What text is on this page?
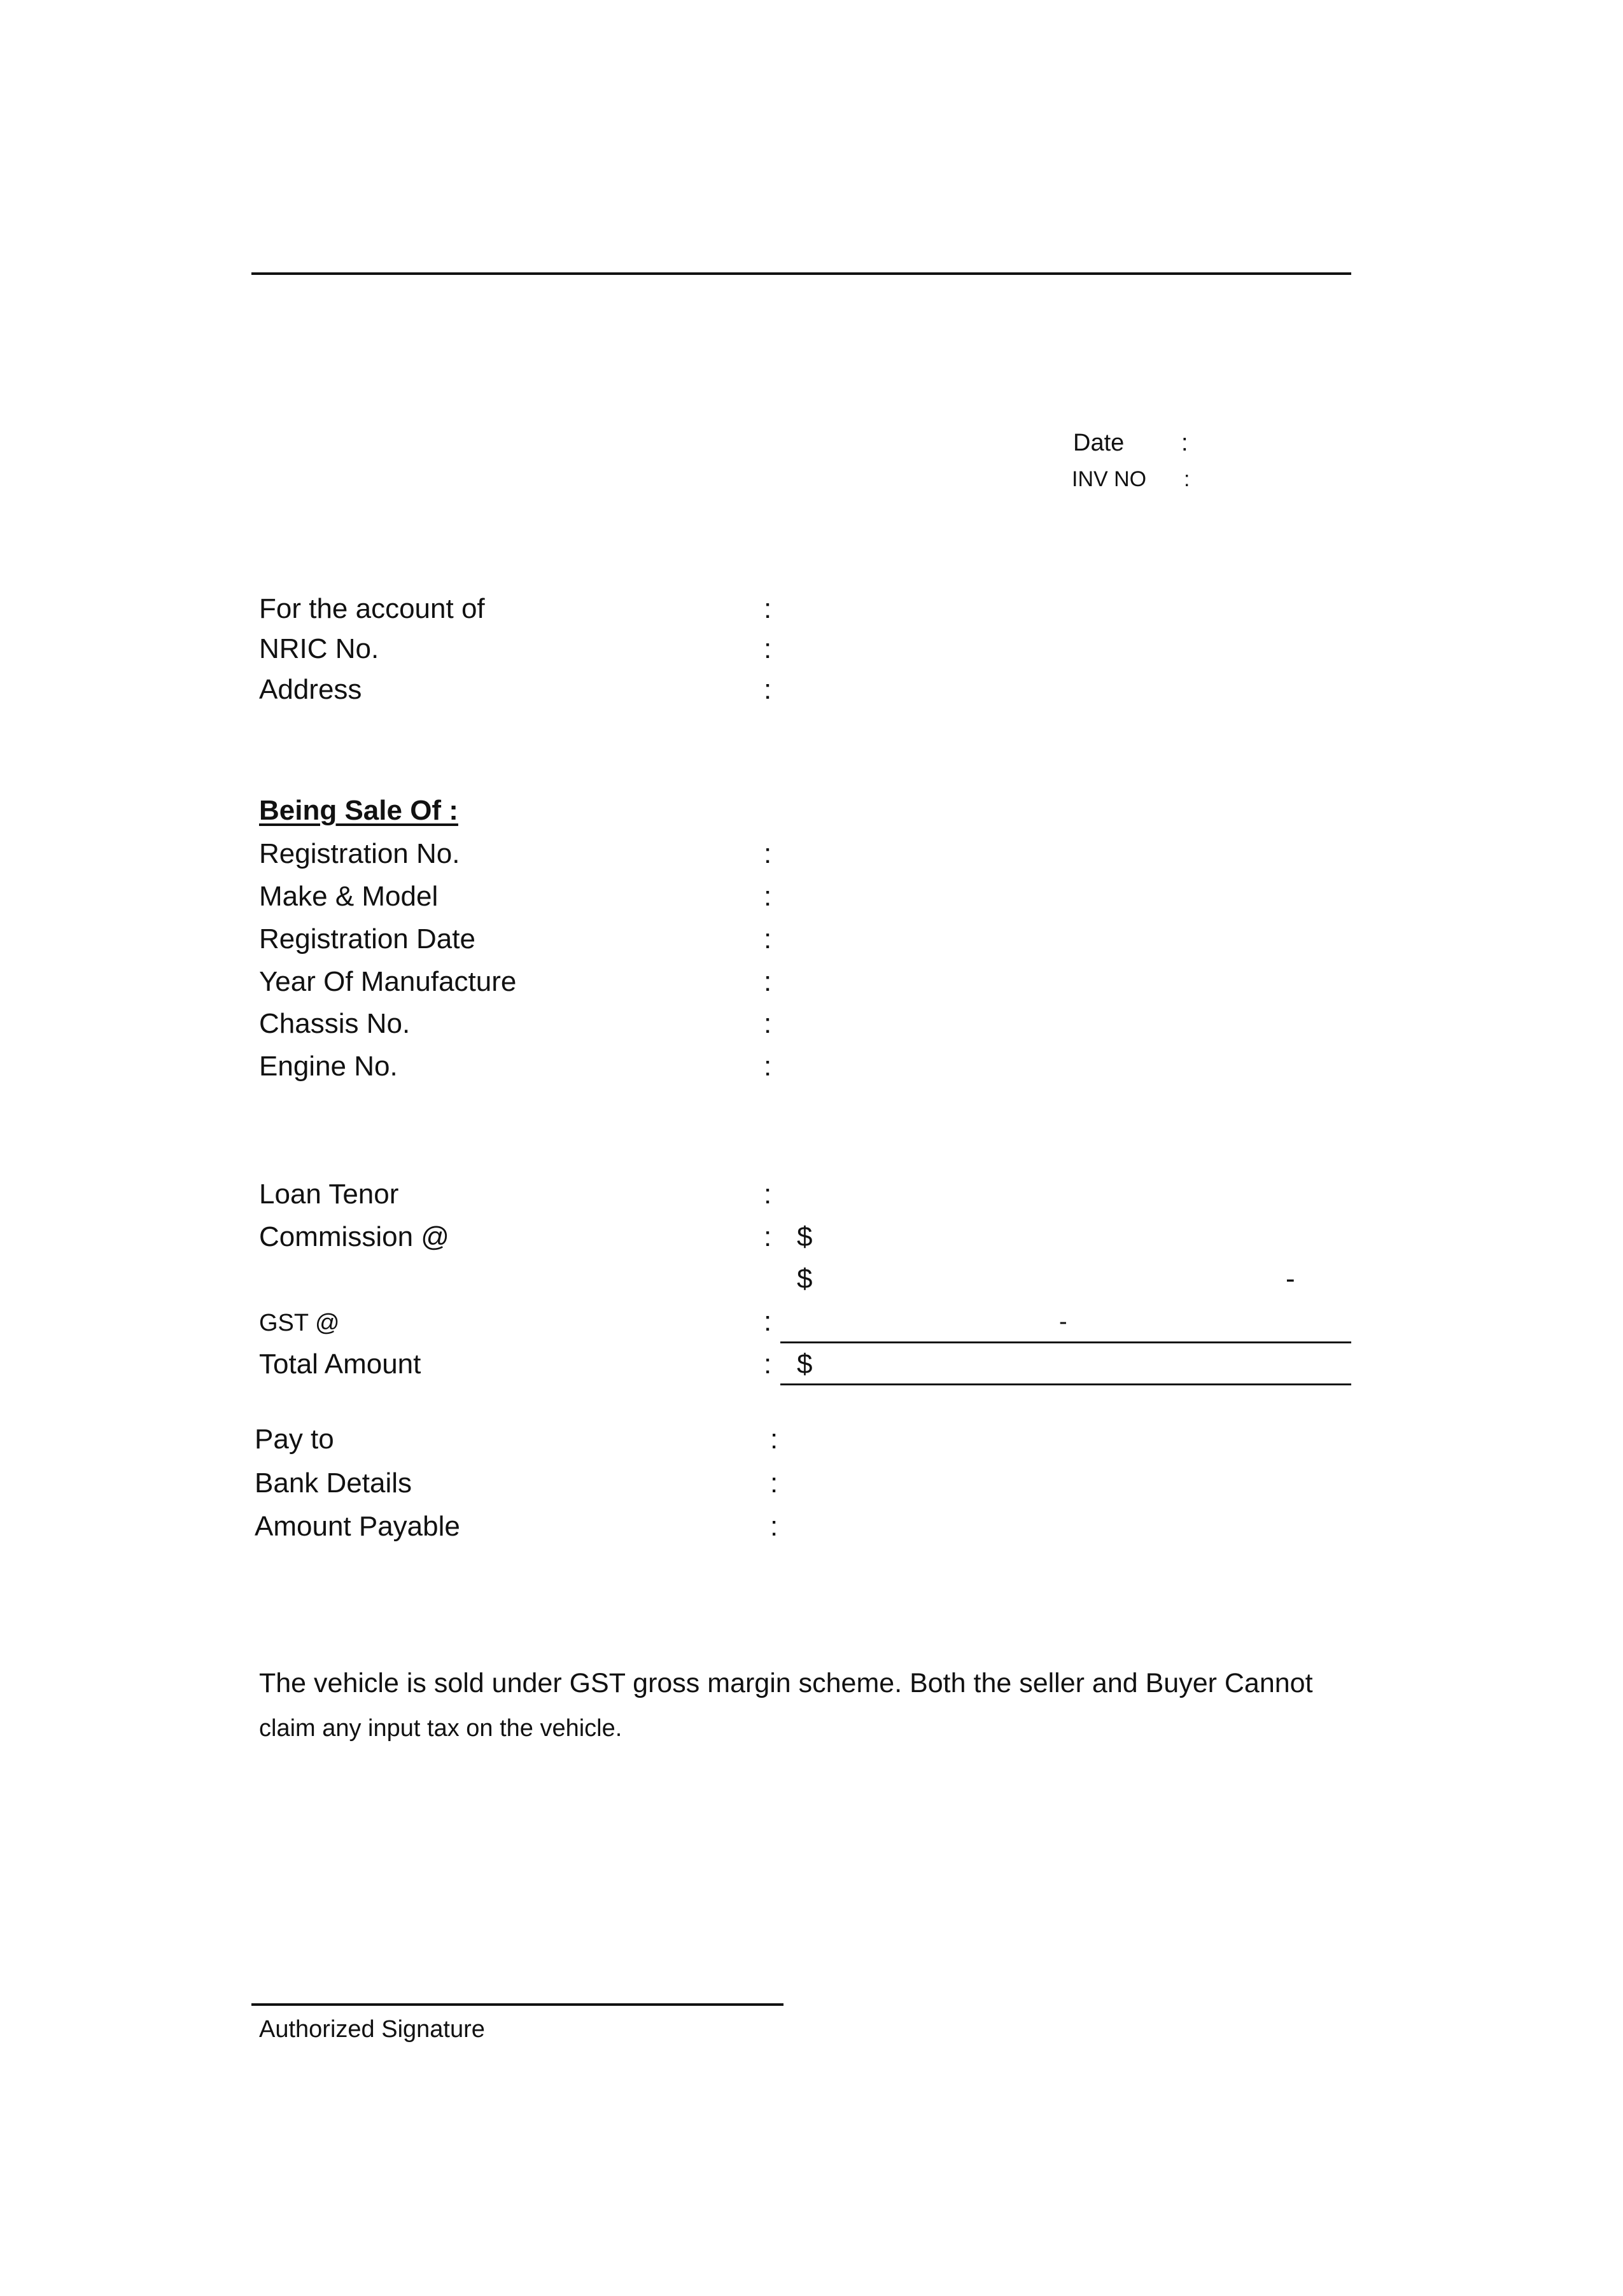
Date :
INV NO :
For the account of	:
NRIC No.	:
Address	:
Being Sale Of :
Registration No.	:
Make & Model	:
Registration Date	:
Year Of Manufacture	:
Chassis No.	:
Engine No.	:
Loan Tenor	:
Commission @	: $
$	-
GST @	:	-
Total Amount	: $
Pay to	:
Bank Details	:
Amount Payable	:
The vehicle is sold under GST gross margin scheme. Both the seller and Buyer Cannot
claim any input tax on the vehicle.
Authorized Signature
